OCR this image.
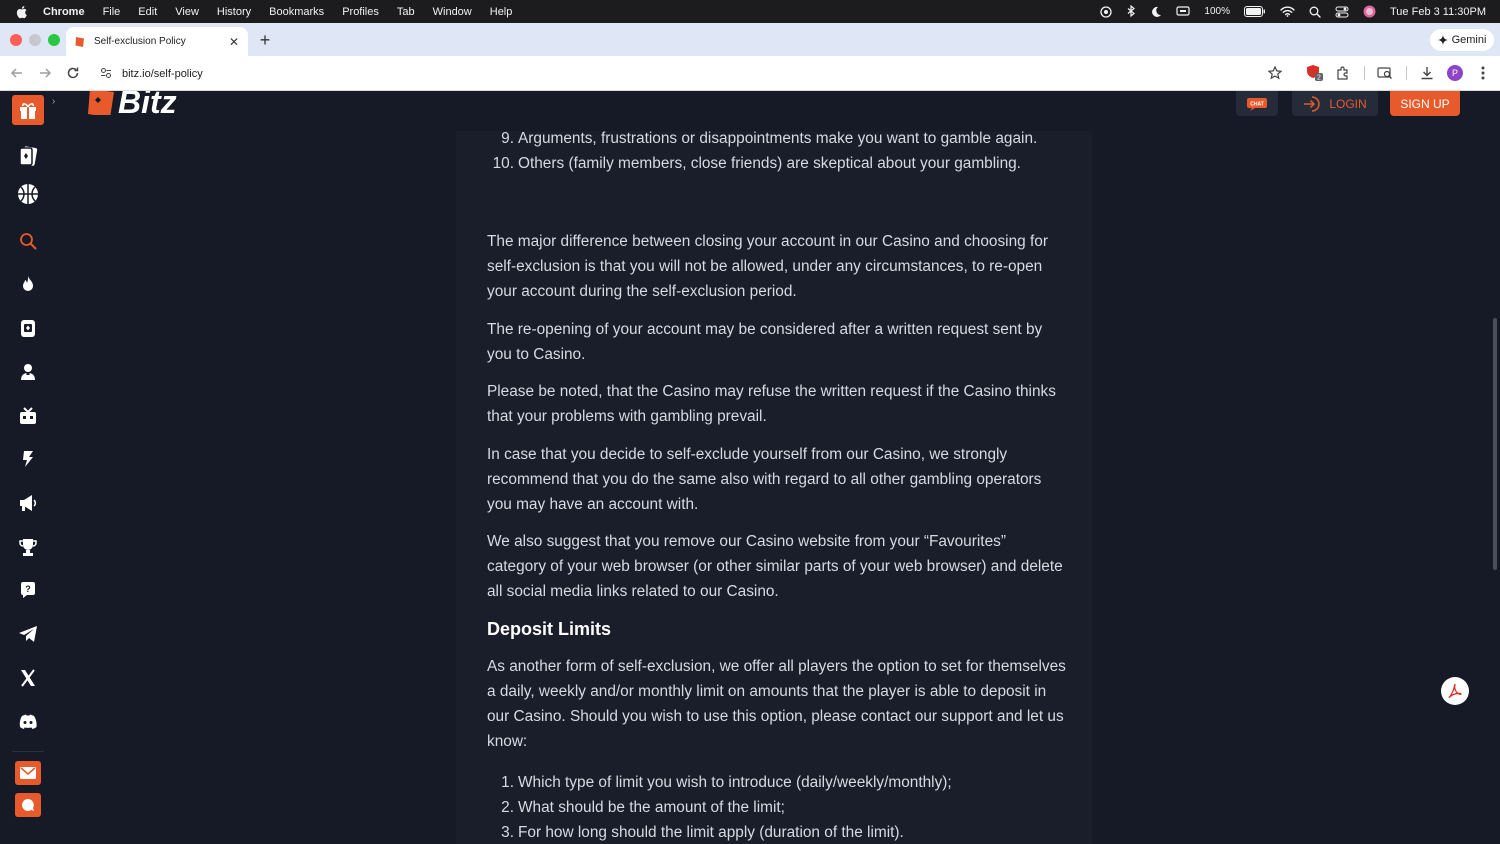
Chrome File Edit View History Bookmarks Profiles Tab Window Help	100%	Tue Feb 3 11:30PM
Self-exclusion Policy	✕ +	Gemini
bitz.io/self-policy	2	P
›
?
Bitz	CHAT	LOGIN	SIGN UP
9. Arguments, frustrations or disappointments make you want to gamble again.
10. Others (family members, close friends) are skeptical about your gambling.

The major difference between closing your account in our Casino and choosing for self-exclusion is that you will not be allowed, under any circumstances, to re-open your account during the self-exclusion period.

The re-opening of your account may be considered after a written request sent by you to Casino.

Please be noted, that the Casino may refuse the written request if the Casino thinks that your problems with gambling prevail.

In case that you decide to self-exclude yourself from our Casino, we strongly recommend that you do the same also with regard to all other gambling operators you may have an account with.

We also suggest that you remove our Casino website from your “Favourites” category of your web browser (or other similar parts of your web browser) and delete all social media links related to our Casino.

Deposit Limits

As another form of self-exclusion, we offer all players the option to set for themselves a daily, weekly and/or monthly limit on amounts that the player is able to deposit in our Casino. Should you wish to use this option, please contact our support and let us know:

1. Which type of limit you wish to introduce (daily/weekly/monthly);
2. What should be the amount of the limit;
3. For how long should the limit apply (duration of the limit).
